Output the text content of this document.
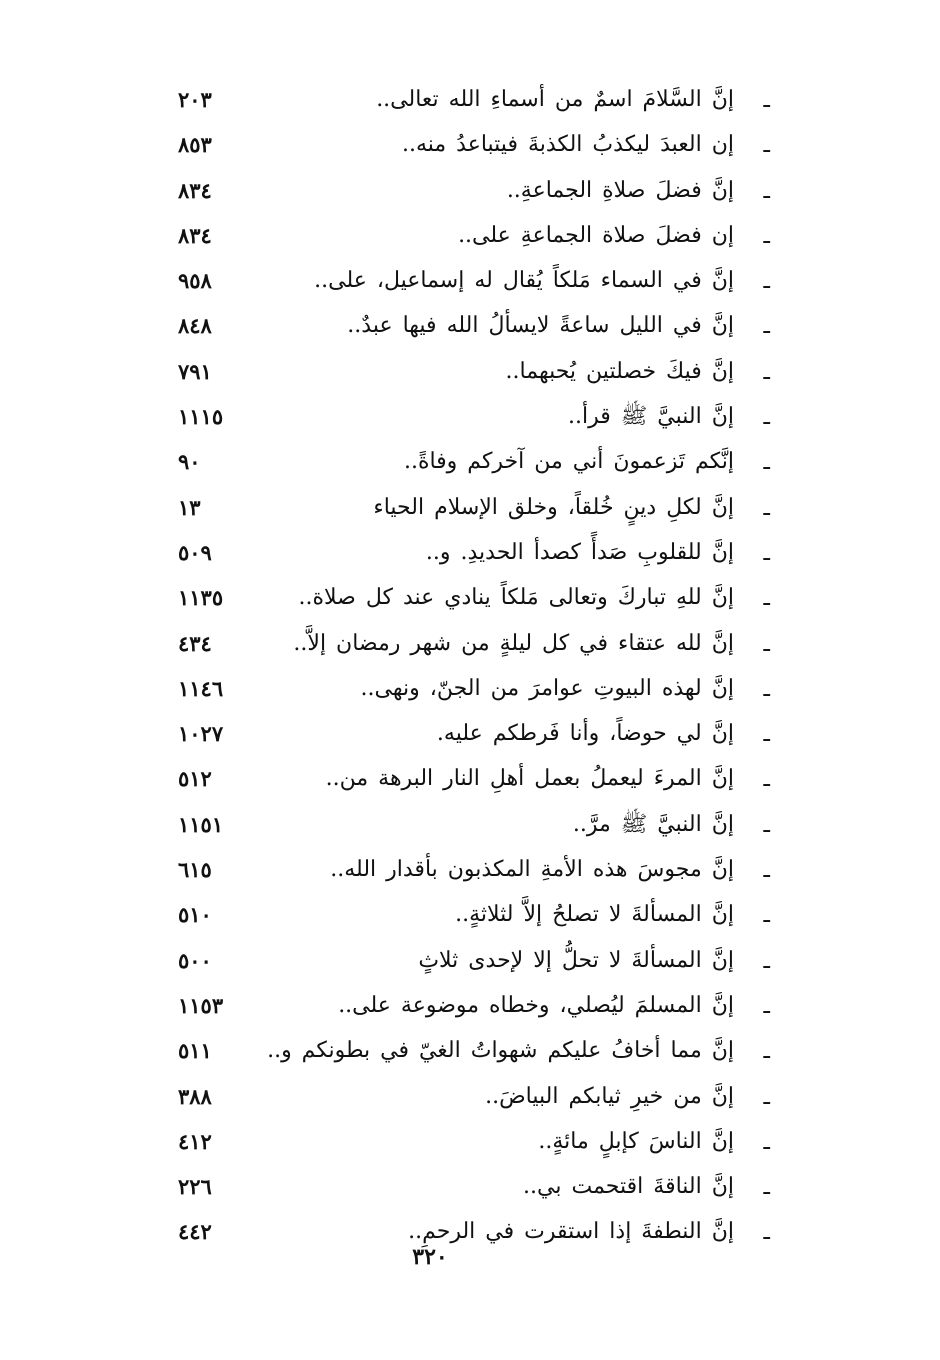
ـ
إنَّ السَّلامَ اسمٌ من أسماءِ الله تعالى..
٢٠٣
ـ
إن العبدَ ليكذبُ الكذبةَ فيتباعدُ منه..
٨٥٣
ـ
إنَّ فضلَ صلاةِ الجماعةِ..
٨٣٤
ـ
إن فضلَ صلاة الجماعةِ على..
٨٣٤
ـ
إنَّ في السماء مَلكاً يُقال له إسماعيل، على..
٩٥٨
ـ
إنَّ في الليل ساعةً لايسألُ الله فيها عبدٌ..
٨٤٨
ـ
إنَّ فيكَ خصلتين يُحبهما..
٧٩١
ـ
إنَّ النبيَّ ﷺ قرأ..
١١١٥
ـ
إنَّكم تَزعمونَ أني من آخركم وفاةً..
٩٠
ـ
إنَّ لكلِ دينٍ خُلقاً، وخلق الإسلام الحياء
١٣
ـ
إنَّ للقلوبِ صَدأً كصدأ الحديدِ. و..
٥٠٩
ـ
إنَّ للهِ تباركَ وتعالى مَلكاً ينادي عند كل صلاة..
١١٣٥
ـ
إنَّ لله عتقاء في كل ليلةٍ من شهر رمضان إلاَّ..
٤٣٤
ـ
إنَّ لهذه البيوتِ عوامرَ من الجنّ، ونهى..
١١٤٦
ـ
إنَّ لي حوضاً، وأنا فَرطكم عليه.
١٠٢٧
ـ
إنَّ المرءَ ليعملُ بعمل أهلِ النار البرهة من..
٥١٢
ـ
إنَّ النبيَّ ﷺ مرَّ..
١١٥١
ـ
إنَّ مجوسَ هذه الأمةِ المكذبون بأقدار الله..
٦١٥
ـ
إنَّ المسألةَ لا تصلحُ إلاَّ لثلاثةٍ..
٥١٠
ـ
إنَّ المسألةَ لا تحلُّ إلا لإحدى ثلاثٍ
٥٠٠
ـ
إنَّ المسلمَ ليُصلي، وخطاه موضوعة على..
١١٥٣
ـ
إنَّ مما أخافُ عليكم شهواتُ الغيّ في بطونكم و..
٥١١
ـ
إنَّ من خيرِ ثيابكم البياضَ..
٣٨٨
ـ
إنَّ الناسَ كإبلٍ مائةٍ..
٤١٢
ـ
إنَّ الناقةَ اقتحمت بي..
٢٢٦
ـ
إنَّ النطفةَ إذا استقرت في الرحمِ..
٤٤٢
٣٢٠
